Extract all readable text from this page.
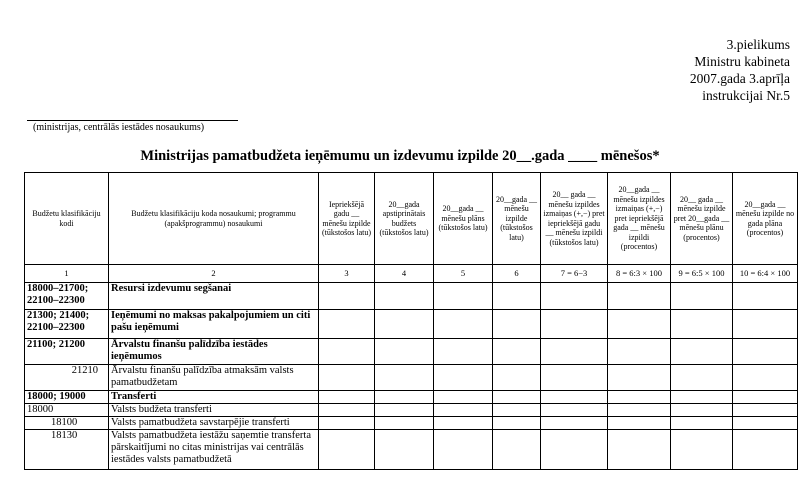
3.pielikums
Ministru kabineta
2007.gada 3.aprīļa
instrukcijai Nr.5
(ministrijas, centrālās iestādes nosaukums)
Ministrijas pamatbudžeta ieņēmumu un izdevumu izpilde 20__.gada ____ mēnešos*
Budžetu klasifikāciju kodi	Budžetu klasifikāciju koda nosaukumi; programmu (apakšprogrammu) nosaukumi	Iepriekšējā gadu __ mēnešu izpilde (tūkstošos latu)	20__gada apstiprinātais budžets (tūkstošos latu)	20__gada __ mēnešu plāns (tūkstošos latu)	20__gada __ mēnešu izpilde (tūkstošos latu)	20__ gada __ mēnešu izpildes izmaiņas (+,−) pret iepriekšējā gadu __ mēnešu izpildi (tūkstošos latu)	20__gada __ mēnešu izpildes izmaiņas (+,−) pret iepriekšējā gada __ mēnešu izpildi (procentos)	20__ gada __ mēnešu izpilde pret 20__gada __ mēnešu plānu (procentos)	20__gada __ mēnešu izpilde no gada plāna (procentos)
1	2	3	4	5	6	7 = 6−3	8 = 6:3 × 100	9 = 6:5 × 100	10 = 6:4 × 100
18000–21700; 22100–22300	Resursi izdevumu segšanai								
21300; 21400; 22100–22300	Ieņēmumi no maksas pakalpojumiem un citi pašu ieņēmumi								
21100; 21200	Ārvalstu finanšu palīdzība iestādes ieņēmumos								
21210	Ārvalstu finanšu palīdzība atmaksām valsts pamatbudžetam								
18000; 19000	Transferti								
18000	Valsts budžeta transferti								
18100	Valsts pamatbudžeta savstarpējie transferti								
18130	Valsts pamatbudžeta iestāžu saņemtie transferta pārskaitījumi no citas ministrijas vai centrālās iestādes valsts pamatbudžetā								
